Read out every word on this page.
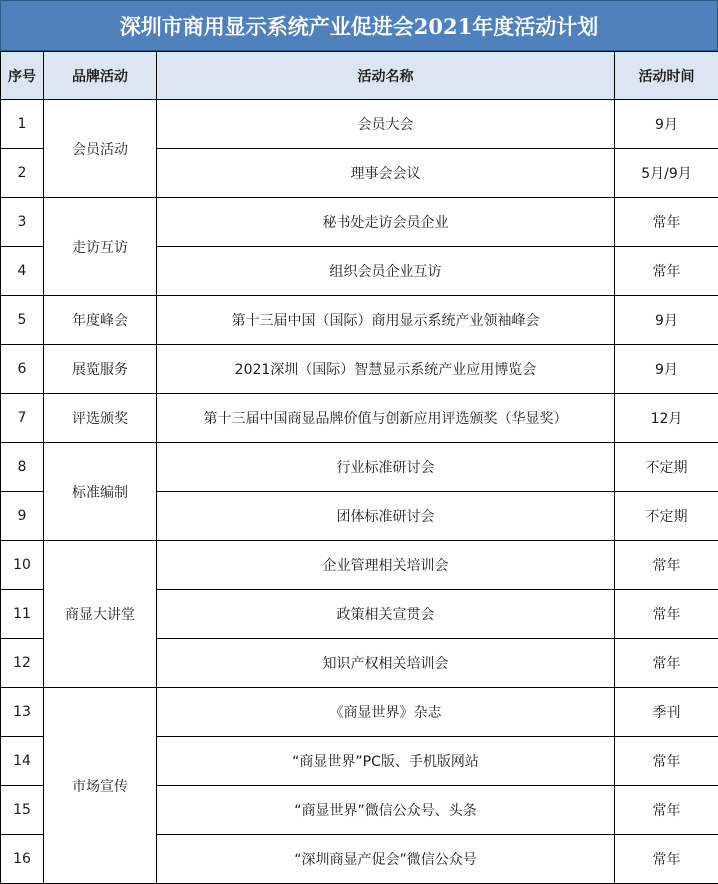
深圳市商用显示系统产业促进会2021年度活动计划
序号	品牌活动	活动名称	活动时间
1	会员活动	会员大会	9月
2		理事会会议	5月/9月
3	走访互访	秘书处走访会员企业	常年
4		组织会员企业互访	常年
5	年度峰会	第十三届中国（国际）商用显示系统产业领袖峰会	9月
6	展览服务	2021深圳（国际）智慧显示系统产业应用博览会	9月
7	评选颁奖	第十三届中国商显品牌价值与创新应用评选颁奖（华显奖）	12月
8	标准编制	行业标准研讨会	不定期
9		团体标准研讨会	不定期
10	商显大讲堂	企业管理相关培训会	常年
11		政策相关宣贯会	常年
12		知识产权相关培训会	常年
13	市场宣传	《商显世界》杂志	季刊
14		“商显世界”PC版、手机版网站	常年
15		“商显世界”微信公众号、头条	常年
16		“深圳商显产促会”微信公众号	常年
